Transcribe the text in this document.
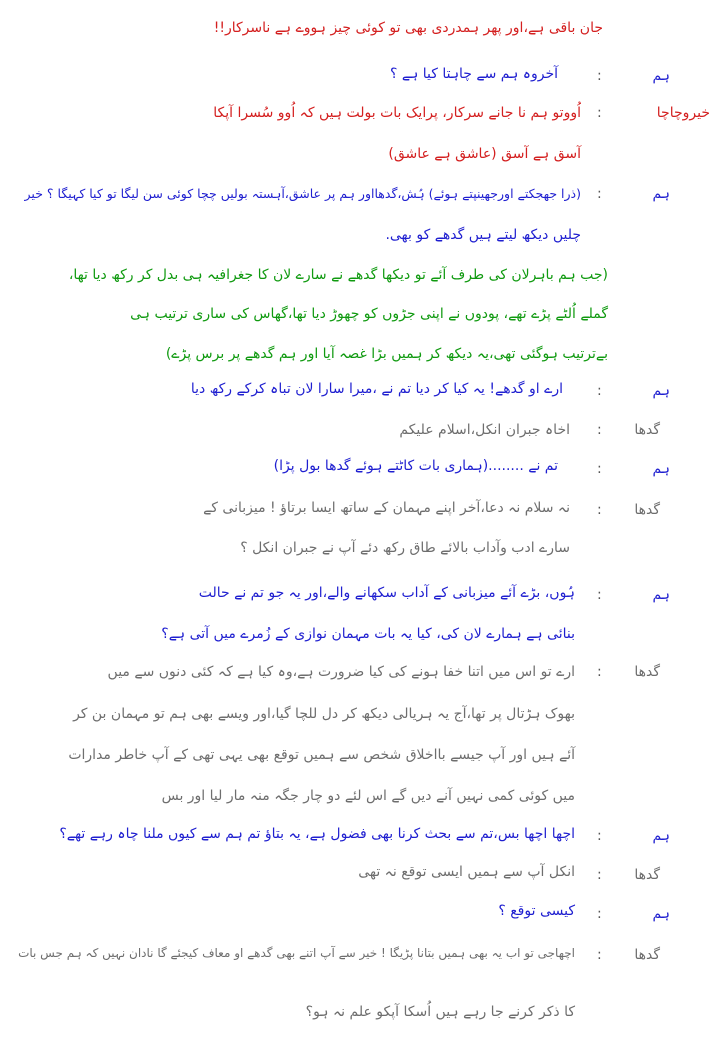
جان باقی ہے،اور پھر ہمدردی بھی تو کوئی چیز ہووے ہے ناسرکار!!
ہم
:
آخروہ ہم سے چاہتا کیا ہے ؟
خیروچاچا
:
اُووتو ہم نا جانے سرکار، پرایک بات بولت ہیں کہ اُوو سُسرا آپکا
آسق ہے آسق (عاشق ہے عاشق)
ہم
:
(ذرا جھجکتے اورجھینپتے ہوئے) ہُش،گدھااور ہم پر عاشق،آہستہ بولیں چچا کوئی سن لیگا تو کیا کہیگا ؟ خیر
چلیں دیکھ لیتے ہیں گدھے کو بھی.
(جب ہم باہرلان کی طرف آئے تو دیکھا گدھے نے سارے لان کا جغرافیہ ہی بدل کر رکھ دیا تھا،
گملے اُلٹے پڑے تھے، پودوں نے اپنی جڑوں کو چھوڑ دیا تھا،گھاس کی ساری ترتیب ہی
بےترتیب ہوگئی تھی،یہ دیکھ کر ہمیں بڑا غصہ آیا اور ہم گدھے پر برس پڑے)
ہم
:
ارے او گدھے! یہ کیا کر دیا تم نے ،میرا سارا لان تباہ کرکے رکھ دیا
گدھا
:
اخاہ جبران انکل،اسلام علیکم
ہم
:
تم نے ........(ہماری بات کاٹتے ہوئے گدھا بول پڑا)
گدھا
:
نہ سلام نہ دعا،آخر اپنے مہمان کے ساتھ ایسا برتاؤ ! میزبانی کے
سارے ادب وآداب بالائے طاق رکھ دئے آپ نے جبران انکل ؟
ہم
:
ہُوں، بڑے آئے میزبانی کے آداب سکھانے والے،اور یہ جو تم نے حالت
بنائی ہے ہمارے لان کی، کیا یہ بات مہمان نوازی کے زُمرے میں آتی ہے؟
گدھا
:
ارے تو اس میں اتنا خفا ہونے کی کیا ضرورت ہے،وہ کیا ہے کہ کئی دنوں سے میں
بھوک ہڑتال پر تھا،آج یہ ہریالی دیکھ کر دل للچا گیا،اور ویسے بھی ہم تو مہمان بن کر
آئے ہیں اور آپ جیسے بااخلاق شخص سے ہمیں توقع بھی یہی تھی کے آپ خاطر مدارات
میں کوئی کمی نہیں آنے دیں گے اس لئے دو چار جگہ منہ مار لیا اور بس
ہم
:
اچھا اچھا بس،تم سے بحث کرنا بھی فضول ہے، یہ بتاؤ تم ہم سے کیوں ملنا چاہ رہے تھے؟
گدھا
:
انکل آپ سے ہمیں ایسی توقع نہ تھی
ہم
:
کیسی توقع ؟
گدھا
:
اچھاجی تو اب یہ بھی ہمیں بتانا پڑیگا ! خیر سے آپ اتنے بھی گدھے او معاف کیجئے گا نادان نہیں کہ ہم جس بات
کا ذکر کرنے جا رہے ہیں اُسکا آپکو علم نہ ہو؟
